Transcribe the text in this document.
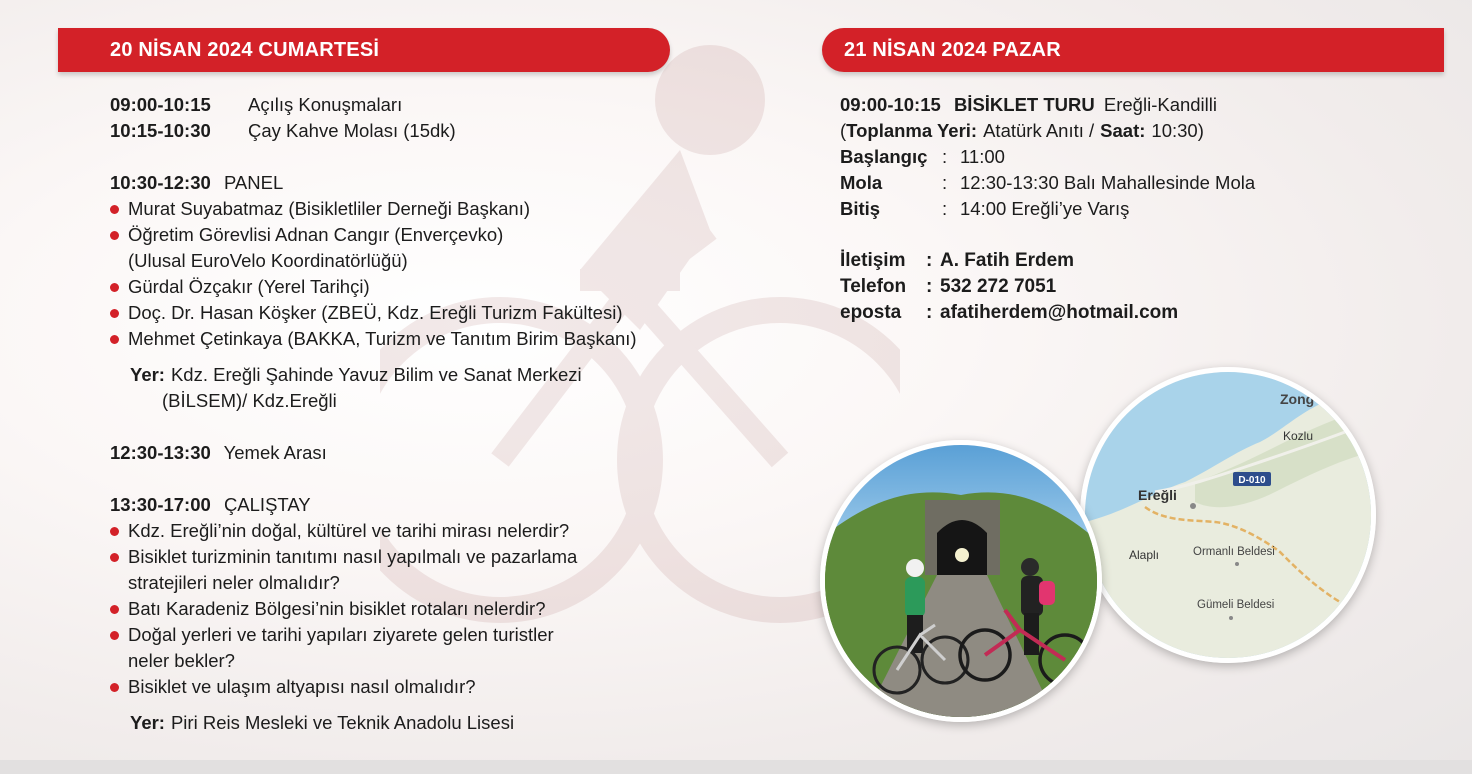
20 NİSAN 2024 CUMARTESİ	21 NİSAN 2024 PAZAR
09:00-10:15	Açılış Konuşmaları
10:15-10:30	Çay Kahve Molası
(15dk)
10:30-12:30 PANEL
Murat Suyabatmaz (Bisikletliler Derneği Başkanı)
Öğretim Görevlisi Adnan Cangır (Enverçevko)
(Ulusal EuroVelo Koordinatörlüğü)
Gürdal Özçakır (Yerel Tarihçi)
Doç. Dr. Hasan Köşker (ZBEÜ, Kdz. Ereğli Turizm Fakültesi)
Mehmet Çetinkaya (BAKKA, Turizm ve Tanıtım Birim Başkanı)
Yer: Kdz. Ereğli Şahinde Yavuz Bilim ve Sanat Merkezi
(BİLSEM)/ Kdz.Ereğli
12:30-13:30 Yemek Arası
13:30-17:00 ÇALIŞTAY
Kdz. Ereğli’nin doğal, kültürel ve tarihi mirası nelerdir?
Bisiklet turizminin tanıtımı nasıl yapılmalı ve pazarlama
stratejileri neler olmalıdır?
Batı Karadeniz Bölgesi’nin bisiklet rotaları nelerdir?
Doğal yerleri ve tarihi yapıları ziyarete gelen turistler
neler bekler?
Bisiklet ve ulaşım altyapısı nasıl olmalıdır?
Yer: Piri Reis Mesleki ve Teknik Anadolu Lisesi
09:00-10:15 BİSİKLET TURU Ereğli-Kandilli
(Toplanma Yeri: Atatürk Anıtı / Saat: 10:30)
Başlangıç : 11:00
Mola	: 12:30-13:30 Balı Mahallesinde Mola
Bitiş	: 14:00 Ereğli’ye Varış
İletişim	: A. Fatih Erdem
Telefon	: 532 272 7051
eposta	: afatiherdem@hotmail.com
D-010
Zong
Kozlu
Ereğli
Alaplı	Ormanlı Beldesi
Gümeli Beldesi
